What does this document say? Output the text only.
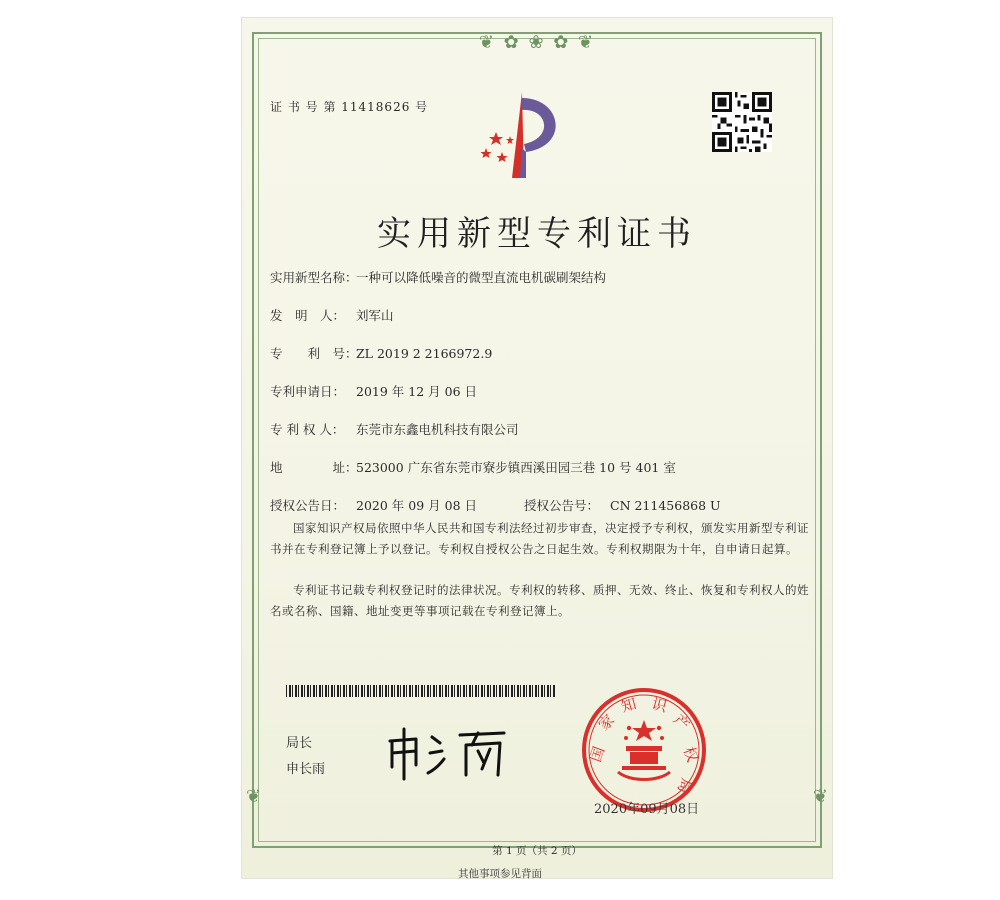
❦ ✿ ❀ ✿ ❦
❦	❦
证 书 号 第 11418626 号
实用新型专利证书
实用新型名称：一种可以降低噪音的微型直流电机碳刷架结构
发　明　人： 刘军山
专　　利　号：ZL 2019 2 2166972.9
专利申请日： 2019 年 12 月 06 日
专 利 权 人： 东莞市东鑫电机科技有限公司
地　　　　址：523000 广东省东莞市寮步镇西溪田园三巷 10 号 401 室
授权公告日： 2020 年 09 月 08 日	授权公告号： CN 211456868 U
国家知识产权局依照中华人民共和国专利法经过初步审查，决定授予专利权，颁发实用新型专利证书并在专利登记簿上予以登记。专利权自授权公告之日起生效。专利权期限为十年，自申请日起算。
专利证书记载专利权登记时的法律状况。专利权的转移、质押、无效、终止、恢复和专利权人的姓名或名称、国籍、地址变更等事项记载在专利登记簿上。
局长
申长雨
国
家
知 识
产
权
局
2020年09月08日
第 1 页（共 2 页）
其他事项参见背面
